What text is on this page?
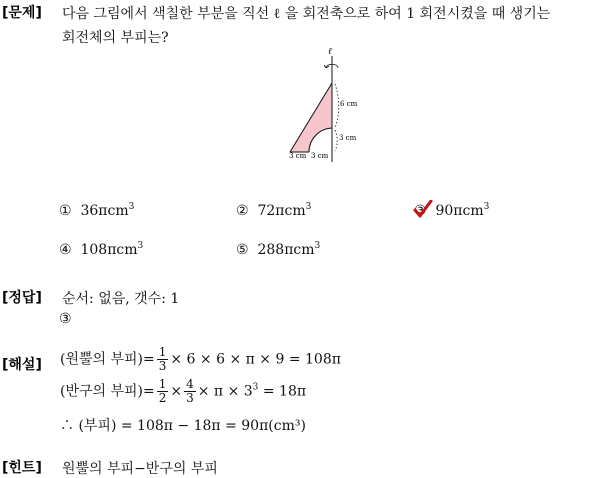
[문제] 다음 그림에서 색칠한 부분을 직선 ℓ 을 회전축으로 하여 1 회전시켰을 때 생기는
회전체의 부피는?
ℓ
6 cm
3 cm
3 cm 3 cm
① 36πcm$^3$	② 72πcm$^3$	③ 90πcm$^3$
④ 108πcm$^3$	⑤ 288πcm$^3$
[정답] 순서: 없음, 갯수: 1
③
[해설] (원뿔의 부피)= $\frac{1}{3} \times 6 \times 6 \times \pi \times 9 = 108\pi$
(반구의 부피)= $\frac{1}{2} \times \frac{4}{3} \times \pi \times 3^3 = 18\pi$
∴ (부피) = 108π − 18π = 90π(cm³)
[힌트] 원뿔의 부피−반구의 부피
